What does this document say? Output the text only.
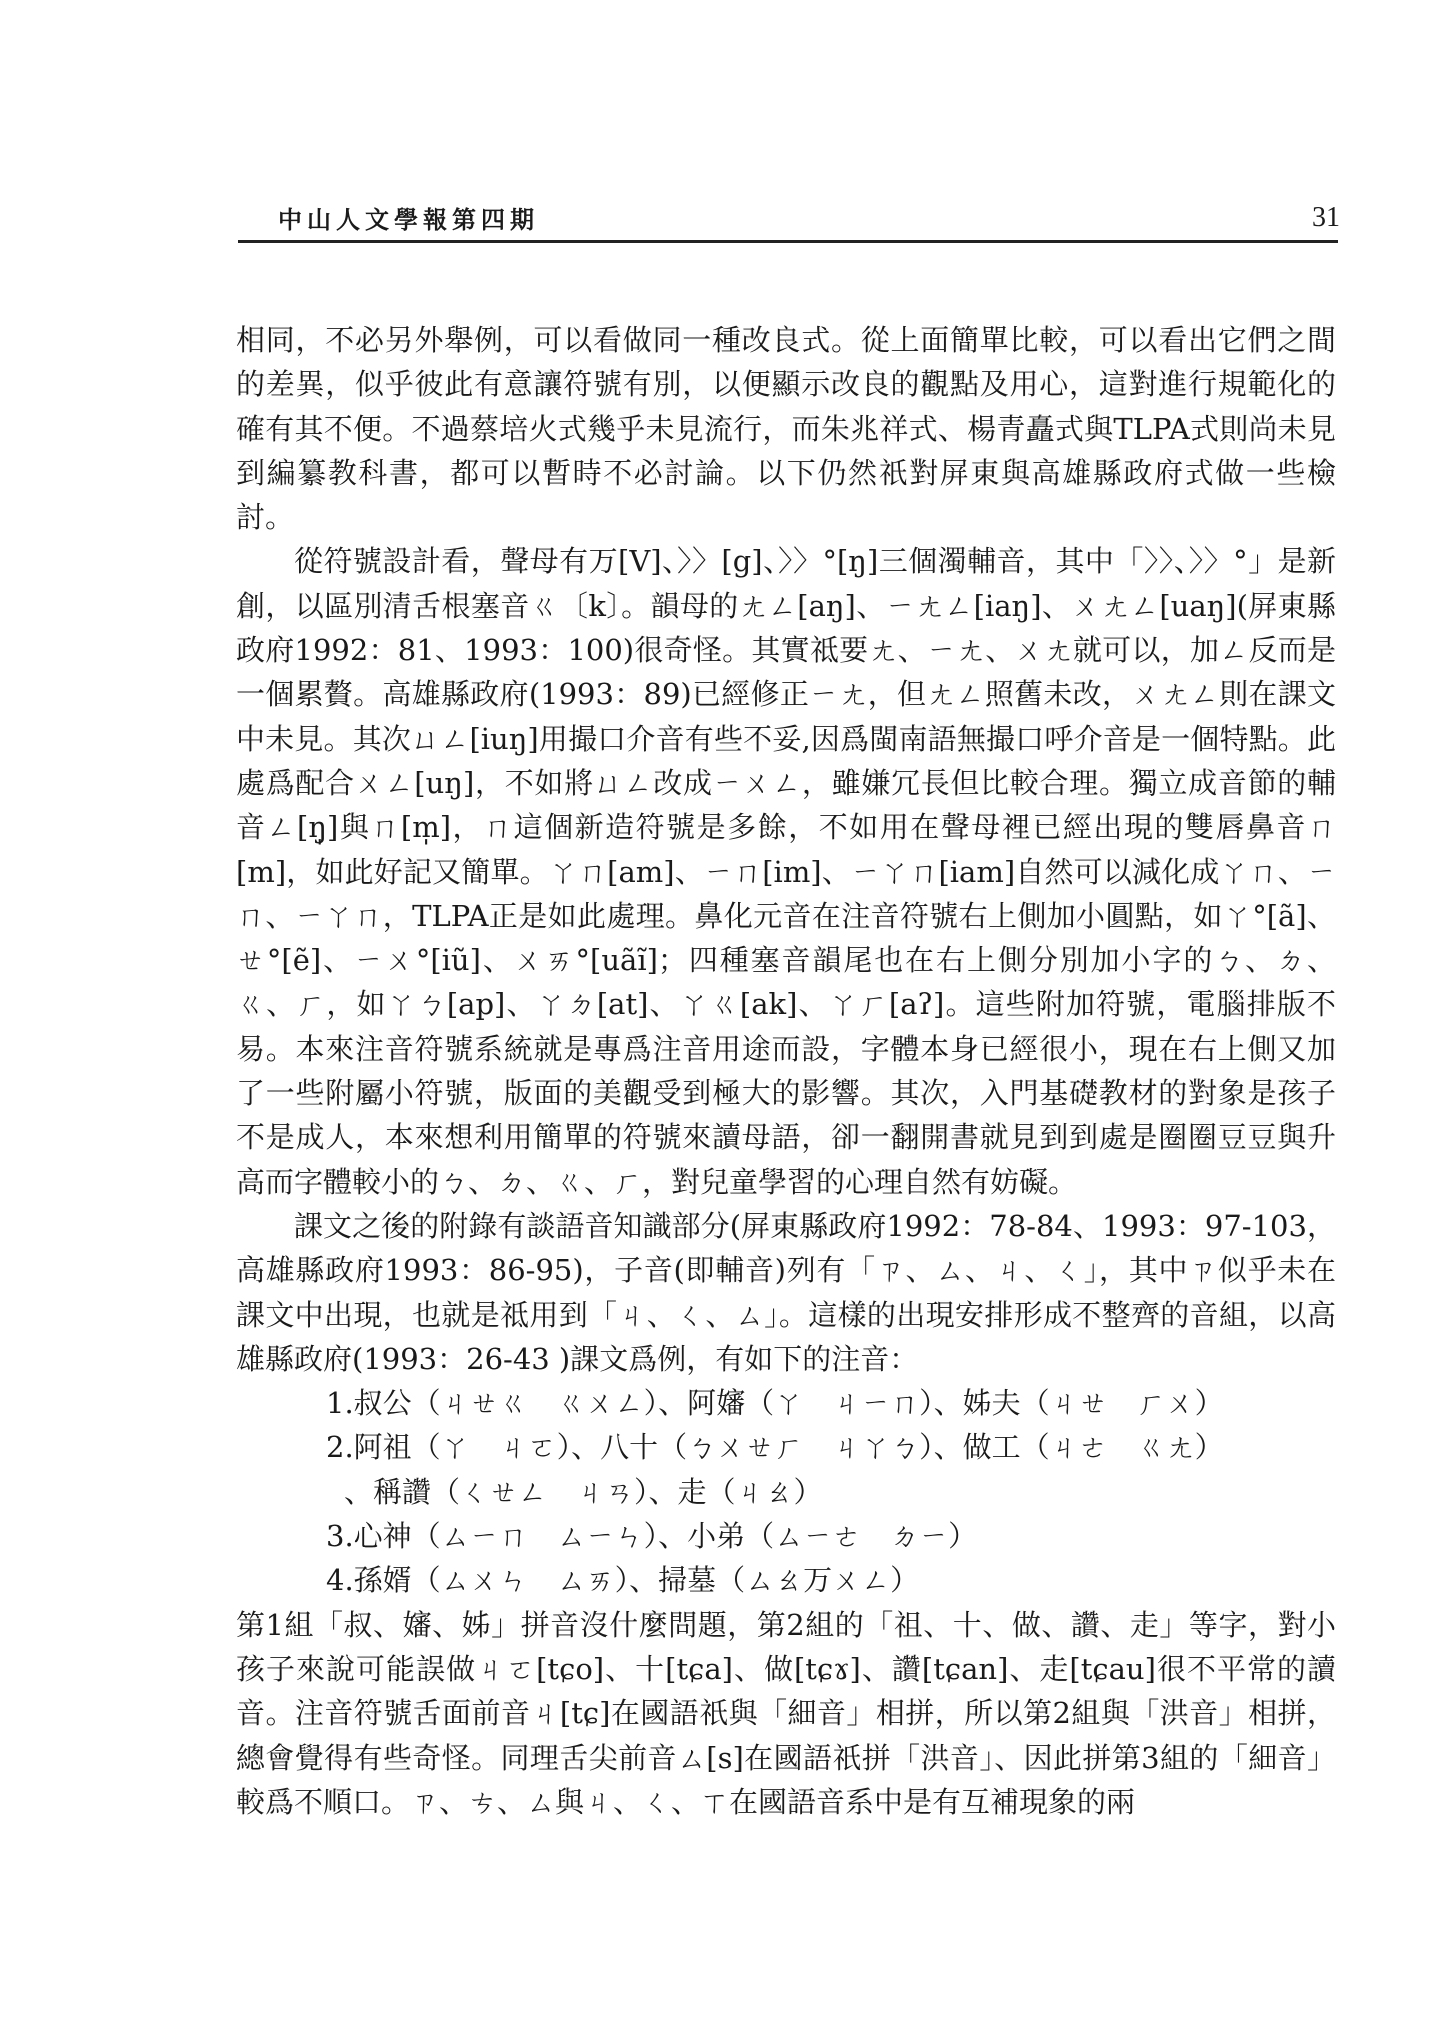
中山人文學報第四期	31

相同，不必另外舉例，可以看做同一種改良式。從上面簡單比較，可以看出它們之間的差異，似乎彼此有意讓符號有別，以便顯示改良的觀點及用心，這對進行規範化的確有其不便。不過蔡培火式幾乎未見流行，而朱兆祥式、楊青矗式與TLPA式則尚未見到編纂教科書，都可以暫時不必討論。以下仍然祇對屏東與高雄縣政府式做一些檢討。

從符號設計看，聲母有万[V]、〉〉[g]、〉〉°[ŋ]三個濁輔音，其中「〉〉、〉〉°」是新創，以區別清舌根塞音ㄍ〔k〕。韻母的ㄤㄥ[aŋ]、ㄧㄤㄥ[iaŋ]、ㄨㄤㄥ[uaŋ](屏東縣政府1992：81、1993：100)很奇怪。其實祗要ㄤ、ㄧㄤ、ㄨㄤ就可以，加ㄥ反而是一個累贅。高雄縣政府(1993：89)已經修正ㄧㄤ，但ㄤㄥ照舊未改，ㄨㄤㄥ則在課文中未見。其次ㄩㄥ[iuŋ]用撮口介音有些不妥,因爲閩南語無撮口呼介音是一個特點。此處爲配合ㄨㄥ[uŋ]，不如將ㄩㄥ改成ㄧㄨㄥ，雖嫌冗長但比較合理。獨立成音節的輔音ㄥ[ŋ̩]與ㄇ[m̩]，ㄇ這個新造符號是多餘，不如用在聲母裡已經出現的雙唇鼻音ㄇ[m]，如此好記又簡單。ㄚㄇ[am]、ㄧㄇ[im]、ㄧㄚㄇ[iam]自然可以減化成ㄚㄇ、ㄧㄇ、ㄧㄚㄇ，TLPA正是如此處理。鼻化元音在注音符號右上側加小圓點，如ㄚ°[ã]、ㄝ°[ẽ]、ㄧㄨ°[iũ]、ㄨㄞ°[uãĩ]；四種塞音韻尾也在右上側分別加小字的ㄅ、ㄉ、ㄍ、ㄏ，如ㄚㄅ[ap]、ㄚㄉ[at]、ㄚㄍ[ak]、ㄚㄏ[aʔ]。這些附加符號，電腦排版不易。本來注音符號系統就是專爲注音用途而設，字體本身已經很小，現在右上側又加了一些附屬小符號，版面的美觀受到極大的影響。其次，入門基礎教材的對象是孩子不是成人，本來想利用簡單的符號來讀母語，卻一翻開書就見到到處是圈圈豆豆與升高而字體較小的ㄅ、ㄉ、ㄍ、ㄏ，對兒童學習的心理自然有妨礙。

課文之後的附錄有談語音知識部分(屏東縣政府1992：78-84、1993：97-103，高雄縣政府1993：86-95)，子音(即輔音)列有「ㄗ、ㄙ、ㄐ、ㄑ」，其中ㄗ似乎未在課文中出現，也就是祗用到「ㄐ、ㄑ、ㄙ」。這樣的出現安排形成不整齊的音組，以高雄縣政府(1993：26-43 )課文爲例，有如下的注音：

1.叔公（ㄐㄝㄍ　ㄍㄨㄥ）、阿嬸（ㄚ　ㄐㄧㄇ）、姊夫（ㄐㄝ　ㄏㄨ）
2.阿祖（ㄚ　ㄐㄛ）、八十（ㄅㄨㄝㄏ　ㄐㄚㄅ）、做工（ㄐㄜ　ㄍㄤ）
、稱讚（ㄑㄝㄥ　ㄐㄢ）、走（ㄐㄠ）
3.心神（ㄙㄧㄇ　ㄙㄧㄣ）、小弟（ㄙㄧㄜ　ㄉㄧ）
4.孫婿（ㄙㄨㄣ　ㄙㄞ）、掃墓（ㄙㄠ万ㄨㄥ）

第1組「叔、嬸、姊」拼音沒什麼問題，第2組的「祖、十、做、讚、走」等字，對小孩子來說可能誤做ㄐㄛ[tɕo]、十[tɕa]、做[tɕɤ]、讚[tɕan]、走[tɕau]很不平常的讀音。注音符號舌面前音ㄐ[tɕ]在國語祇與「細音」相拼，所以第2組與「洪音」相拼，總會覺得有些奇怪。同理舌尖前音ㄙ[s]在國語祇拼「洪音」、因此拼第3組的「細音」較爲不順口。ㄗ、ㄘ、ㄙ與ㄐ、ㄑ、ㄒ在國語音系中是有互補現象的兩
